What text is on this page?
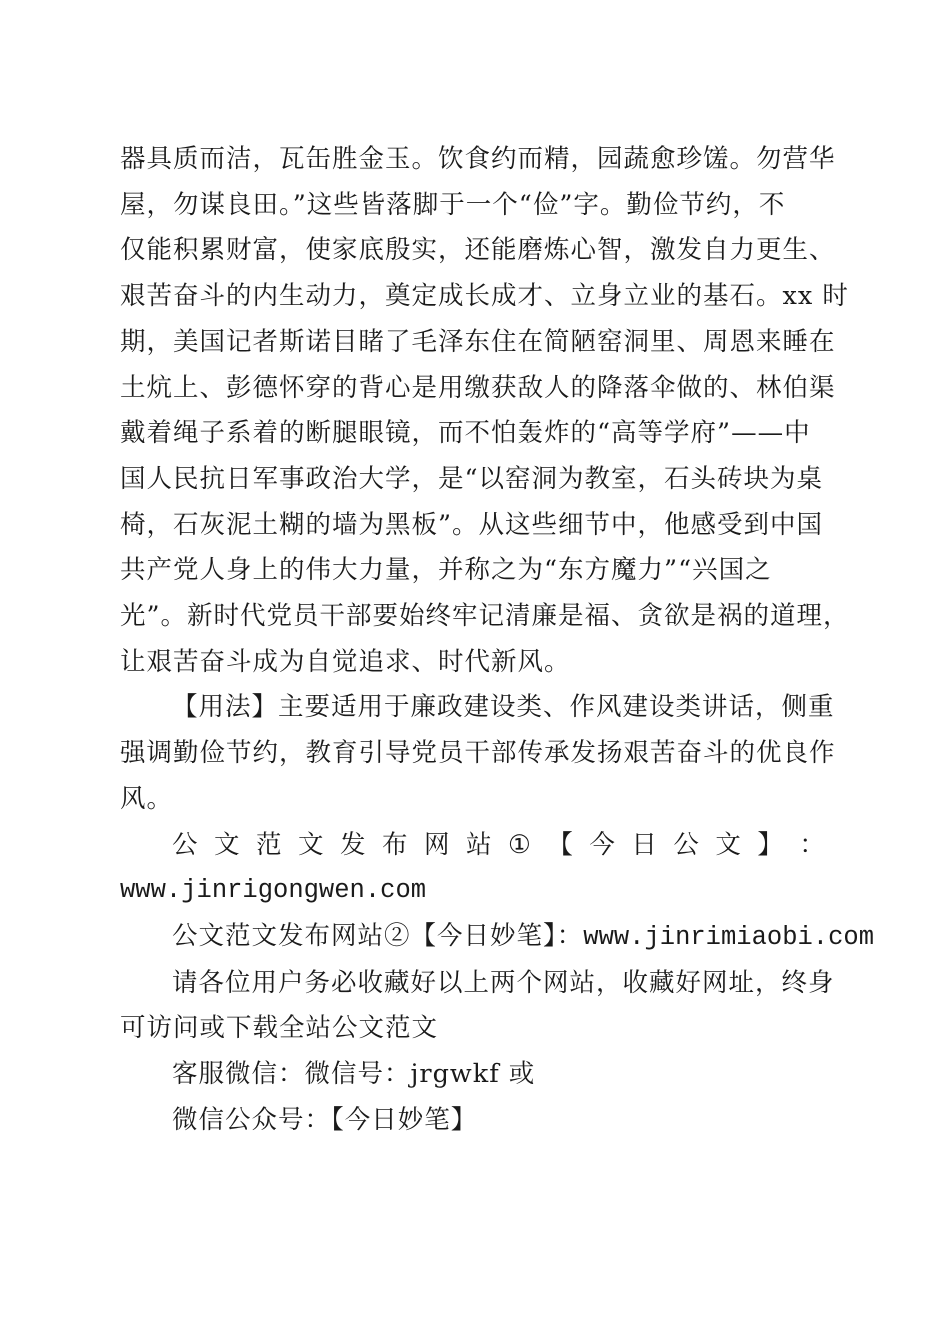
器具质而洁，瓦缶胜金玉。饮食约而精，园蔬愈珍馐。勿营华
屋，勿谋良田。”这些皆落脚于一个“俭”字。勤俭节约，不
仅能积累财富，使家底殷实，还能磨炼心智，激发自力更生、
艰苦奋斗的内生动力，奠定成长成才、立身立业的基石。xx 时
期，美国记者斯诺目睹了毛泽东住在简陋窑洞里、周恩来睡在
土炕上、彭德怀穿的背心是用缴获敌人的降落伞做的、林伯渠
戴着绳子系着的断腿眼镜，而不怕轰炸的“高等学府”——中
国人民抗日军事政治大学，是“以窑洞为教室，石头砖块为桌
椅，石灰泥土糊的墙为黑板”。从这些细节中，他感受到中国
共产党人身上的伟大力量，并称之为“东方魔力”“兴国之
光”。新时代党员干部要始终牢记清廉是福、贪欲是祸的道理，
让艰苦奋斗成为自觉追求、时代新风。
【用法】主要适用于廉政建设类、作风建设类讲话，侧重
强调勤俭节约，教育引导党员干部传承发扬艰苦奋斗的优良作
风。
公 文 范 文 发 布 网 站 ① 【 今 日 公 文 】 ：
www.jinrigongwen.com
公文范文发布网站②【今日妙笔】：www.jinrimiaobi.com
请各位用户务必收藏好以上两个网站，收藏好网址，终身
可访问或下载全站公文范文
客服微信：微信号：jrgwkf 或
微信公众号：【今日妙笔】
